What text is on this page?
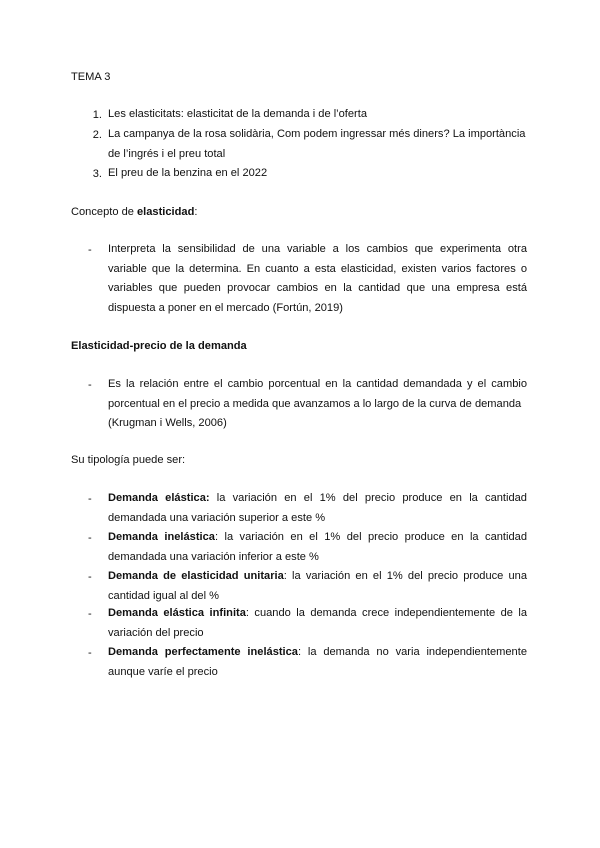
TEMA 3
1. Les elasticitats: elasticitat de la demanda i de l’oferta
2. La campanya de la rosa solidària, Com podem ingressar més diners? La importància
de l’ingrés i el preu total
3. El preu de la benzina en el 2022
Concepto de elasticidad:
-	Interpreta la sensibilidad de una variable a los cambios que experimenta otra
variable que la determina. En cuanto a esta elasticidad, existen varios factores o
variables que pueden provocar cambios en la cantidad que una empresa está
dispuesta a poner en el mercado (Fortún, 2019)
Elasticidad-precio de la demanda
-	Es la relación entre el cambio porcentual en la cantidad demandada y el cambio
porcentual en el precio a medida que avanzamos a lo largo de la curva de demanda
(Krugman i Wells, 2006)
Su tipología puede ser:
-	Demanda elástica: la variación en el 1% del precio produce en la cantidad
demandada una variación superior a este %
-	Demanda inelástica: la variación en el 1% del precio produce en la cantidad
demandada una variación inferior a este %
-	Demanda de elasticidad unitaria: la variación en el 1% del precio produce una
cantidad igual al del %
-	Demanda elástica infinita: cuando la demanda crece independientemente de la
variación del precio
-	Demanda perfectamente inelástica: la demanda no varia independientemente
aunque varíe el precio
